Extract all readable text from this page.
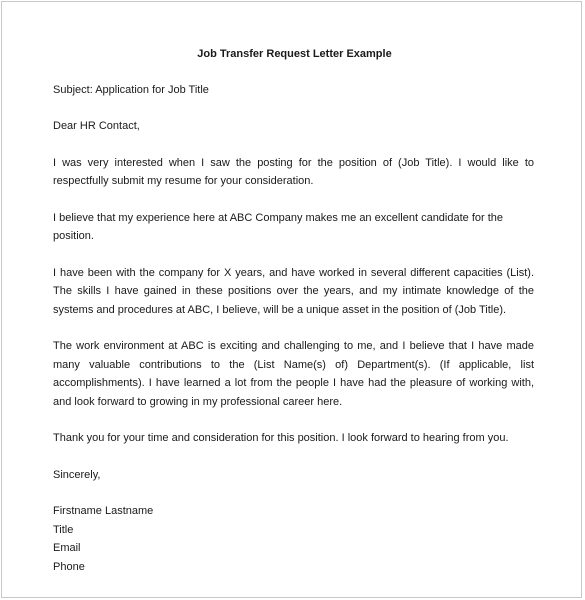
Job Transfer Request Letter Example

Subject: Application for Job Title

Dear HR Contact,

I was very interested when I saw the posting for the position of (Job Title). I would like to respectfully submit my resume for your consideration.

I believe that my experience here at ABC Company makes me an excellent candidate for the position.

I have been with the company for X years, and have worked in several different capacities (List). The skills I have gained in these positions over the years, and my intimate knowledge of the systems and procedures at ABC, I believe, will be a unique asset in the position of (Job Title).

The work environment at ABC is exciting and challenging to me, and I believe that I have made many valuable contributions to the (List Name(s) of) Department(s). (If applicable, list accomplishments). I have learned a lot from the people I have had the pleasure of working with, and look forward to growing in my professional career here.

Thank you for your time and consideration for this position. I look forward to hearing from you.

Sincerely,

Firstname Lastname

Title

Email

Phone
